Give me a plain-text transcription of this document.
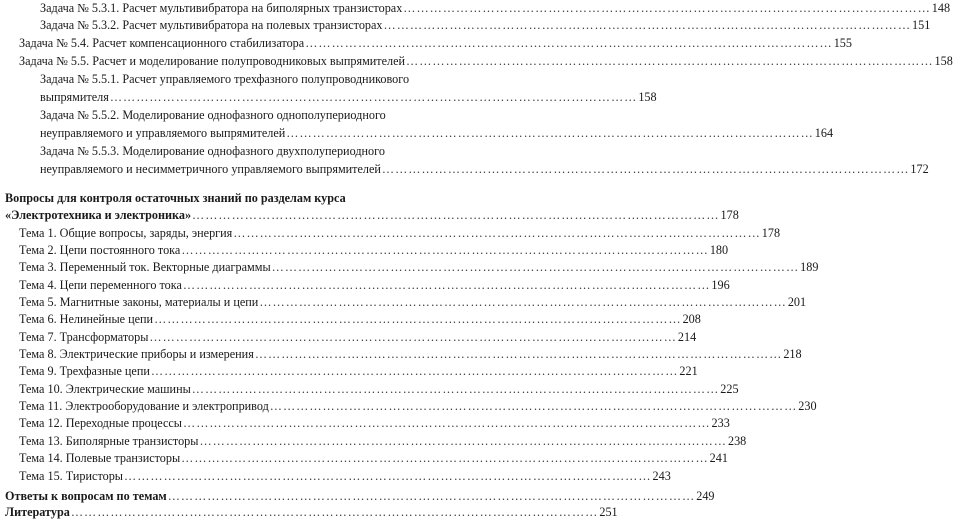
Задача № 5.3.1. Расчет мультивибратора на биполярных транзисторах ………………………………………………………………………………………………………… 148
Задача № 5.3.2. Расчет мультивибратора на полевых транзисторах ………………………………………………………………………………………………………… 151
Задача № 5.4. Расчет компенсационного стабилизатора ………………………………………………………………………………………………………… 155
Задача № 5.5. Расчет и моделирование полупроводниковых выпрямителей ………………………………………………………………………………………………………… 158
Задача № 5.5.1. Расчет управляемого трехфазного полупроводникового
выпрямителя ………………………………………………………………………………………………………… 158
Задача № 5.5.2. Моделирование однофазного однополупериодного
неуправляемого и управляемого выпрямителей ………………………………………………………………………………………………………… 164
Задача № 5.5.3. Моделирование однофазного двухполупериодного
неуправляемого и несимметричного управляемого выпрямителей ………………………………………………………………………………………………………… 172
Вопросы для контроля остаточных знаний по разделам курса
«Электротехника и электроника» ………………………………………………………………………………………………………… 178
Тема 1. Общие вопросы, заряды, энергия ………………………………………………………………………………………………………… 178
Тема 2. Цепи постоянного тока ………………………………………………………………………………………………………… 180
Тема 3. Переменный ток. Векторные диаграммы ………………………………………………………………………………………………………… 189
Тема 4. Цепи переменного тока ………………………………………………………………………………………………………… 196
Тема 5. Магнитные законы, материалы и цепи ………………………………………………………………………………………………………… 201
Тема 6. Нелинейные цепи ………………………………………………………………………………………………………… 208
Тема 7. Трансформаторы ………………………………………………………………………………………………………… 214
Тема 8. Электрические приборы и измерения ………………………………………………………………………………………………………… 218
Тема 9. Трехфазные цепи ………………………………………………………………………………………………………… 221
Тема 10. Электрические машины ………………………………………………………………………………………………………… 225
Тема 11. Электрооборудование и электропривод ………………………………………………………………………………………………………… 230
Тема 12. Переходные процессы ………………………………………………………………………………………………………… 233
Тема 13. Биполярные транзисторы ………………………………………………………………………………………………………… 238
Тема 14. Полевые транзисторы ………………………………………………………………………………………………………… 241
Тема 15. Тиристоры ………………………………………………………………………………………………………… 243
Ответы к вопросам по темам ………………………………………………………………………………………………………… 249
Литература ………………………………………………………………………………………………………… 251
